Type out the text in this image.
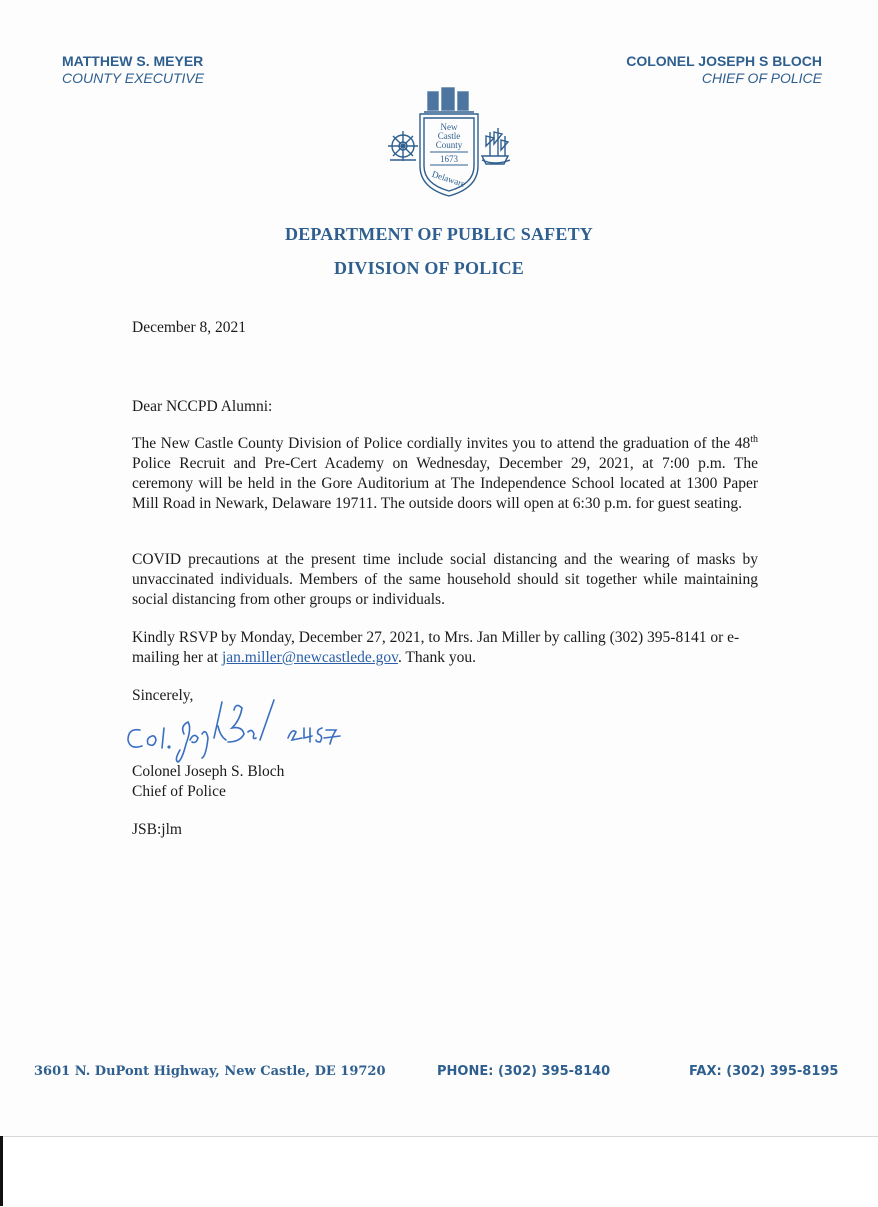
MATTHEW S. MEYER
COUNTY EXECUTIVE
COLONEL JOSEPH S BLOCH
CHIEF OF POLICE
New
Castle
County
1673
Delaware
DEPARTMENT OF PUBLIC SAFETY
DIVISION OF POLICE
December 8, 2021
Dear NCCPD Alumni:
The New Castle County Division of Police cordially invites you to attend the graduation of the 48th Police Recruit and Pre-Cert Academy on Wednesday, December 29, 2021, at 7:00 p.m. The ceremony will be held in the Gore Auditorium at The Independence School located at 1300 Paper Mill Road in Newark, Delaware 19711. The outside doors will open at 6:30 p.m. for guest seating.
COVID precautions at the present time include social distancing and the wearing of masks by unvaccinated individuals. Members of the same household should sit together while maintaining social distancing from other groups or individuals.
Kindly RSVP by Monday, December 27, 2021, to Mrs. Jan Miller by calling (302) 395-8141 or e-mailing her at jan.miller@newcastlede.gov. Thank you.
Sincerely,
Colonel Joseph S. Bloch
Chief of Police
JSB:jlm
3601 N. DuPont Highway, New Castle, DE 19720	PHONE: (302) 395-8140	FAX: (302) 395-8195
